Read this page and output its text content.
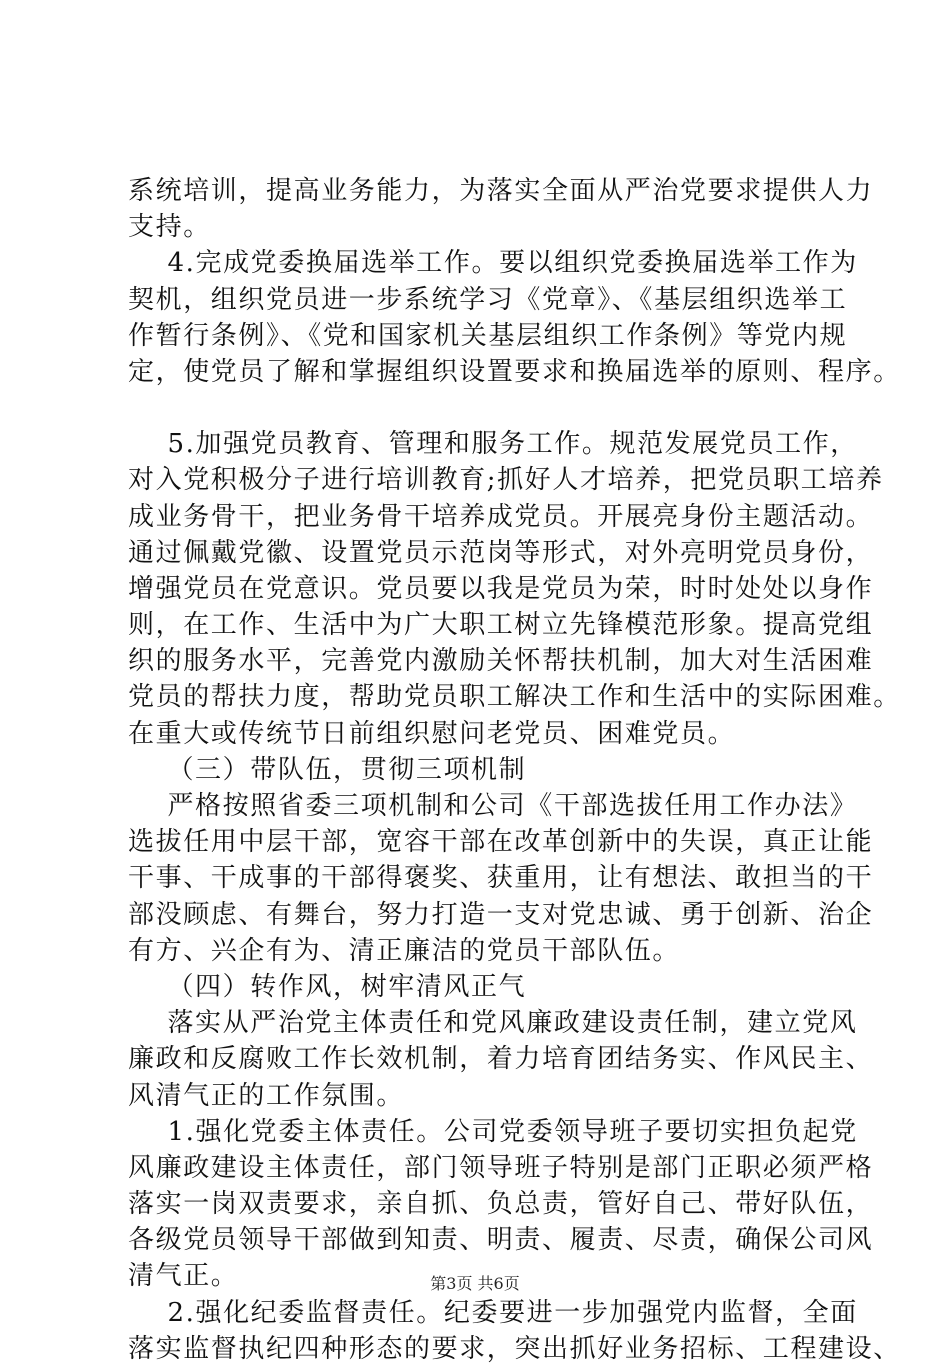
系统培训，提高业务能力，为落实全面从严治党要求提供人力
支持。
4.完成党委换届选举工作。要以组织党委换届选举工作为
契机，组织党员进一步系统学习《党章》、《基层组织选举工
作暂行条例》、《党和国家机关基层组织工作条例》等党内规
定，使党员了解和掌握组织设置要求和换届选举的原则、程序。
5.加强党员教育、管理和服务工作。规范发展党员工作，
对入党积极分子进行培训教育;抓好人才培养，把党员职工培养
成业务骨干，把业务骨干培养成党员。开展亮身份主题活动。
通过佩戴党徽、设置党员示范岗等形式，对外亮明党员身份，
增强党员在党意识。党员要以我是党员为荣，时时处处以身作
则，在工作、生活中为广大职工树立先锋模范形象。提高党组
织的服务水平，完善党内激励关怀帮扶机制，加大对生活困难
党员的帮扶力度，帮助党员职工解决工作和生活中的实际困难。
在重大或传统节日前组织慰问老党员、困难党员。
（三）带队伍，贯彻三项机制
严格按照省委三项机制和公司《干部选拔任用工作办法》
选拔任用中层干部，宽容干部在改革创新中的失误，真正让能
干事、干成事的干部得褒奖、获重用，让有想法、敢担当的干
部没顾虑、有舞台，努力打造一支对党忠诚、勇于创新、治企
有方、兴企有为、清正廉洁的党员干部队伍。
（四）转作风，树牢清风正气
落实从严治党主体责任和党风廉政建设责任制，建立党风
廉政和反腐败工作长效机制，着力培育团结务实、作风民主、
风清气正的工作氛围。
1.强化党委主体责任。公司党委领导班子要切实担负起党
风廉政建设主体责任，部门领导班子特别是部门正职必须严格
落实一岗双责要求，亲自抓、负总责，管好自己、带好队伍，
各级党员领导干部做到知责、明责、履责、尽责，确保公司风
清气正。
2.强化纪委监督责任。纪委要进一步加强党内监督，全面
落实监督执纪四种形态的要求，突出抓好业务招标、工程建设、
第3页 共6页
